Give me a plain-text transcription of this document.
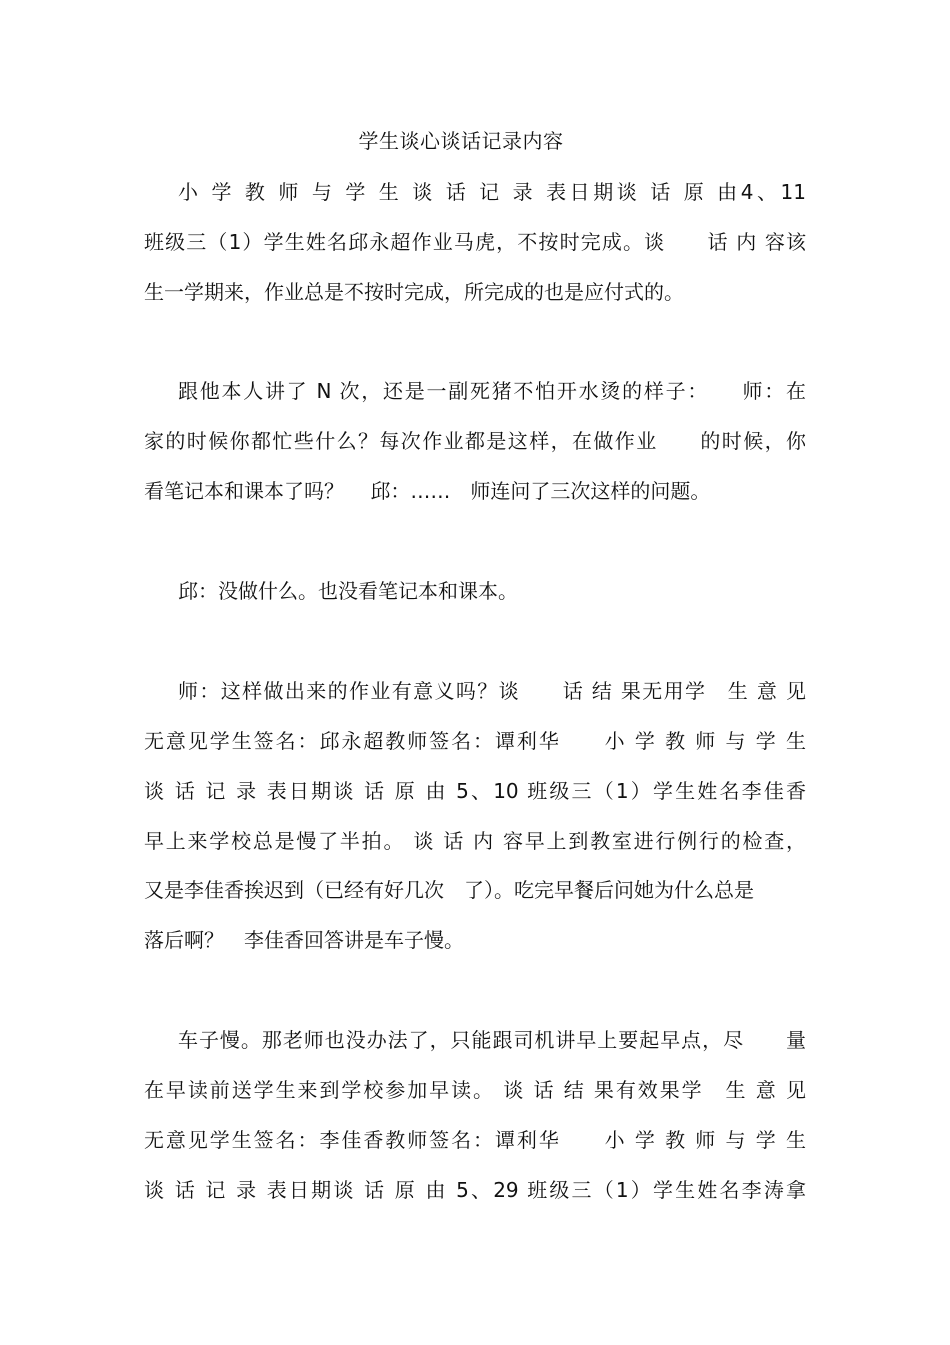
学生谈心谈话记录内容
小 学 教 师 与 学 生 谈 话 记 录 表日期谈 话 原 由4、11
班级三（1）学生姓名邱永超作业马虎，不按时完成。谈　　话 内 容该
生一学期来，作业总是不按时完成，所完成的也是应付式的。
跟他本人讲了 N 次，还是一副死猪不怕开水烫的样子：　　师：在
家的时候你都忙些什么？每次作业都是这样，在做作业　　的时候，你
看笔记本和课本了吗？　 邱：……　师连问了三次这样的问题。
邱：没做什么。也没看笔记本和课本。
师：这样做出来的作业有意义吗？谈　　话 结 果无用学　生 意 见
无意见学生签名：邱永超教师签名：谭利华　　小 学 教 师 与 学 生
谈 话 记 录 表日期谈 话 原 由 5、10 班级三（1）学生姓名李佳香
早上来学校总是慢了半拍。 谈 话 内 容早上到教室进行例行的检查，
又是李佳香挨迟到（已经有好几次　了）。吃完早餐后问她为什么总是
落后啊？　李佳香回答讲是车子慢。
车子慢。那老师也没办法了，只能跟司机讲早上要起早点，尽　　量
在早读前送学生来到学校参加早读。 谈 话 结 果有效果学　生 意 见
无意见学生签名：李佳香教师签名：谭利华　　小 学 教 师 与 学 生
谈 话 记 录 表日期谈 话 原 由 5、29 班级三（1）学生姓名李涛拿
